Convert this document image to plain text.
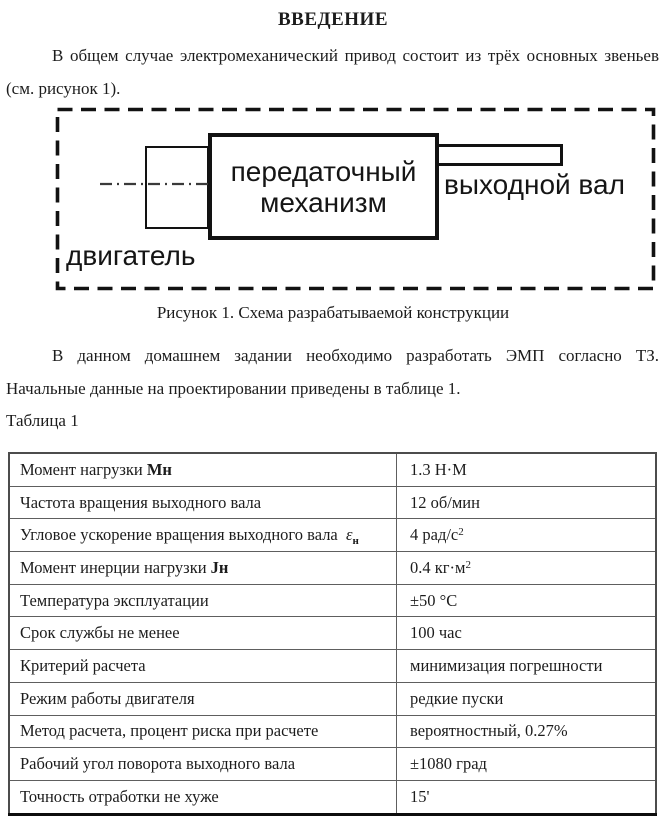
ВВЕДЕНИЕ

В общем случае электромеханический привод состоит из трёх основных звеньев (см. рисунок 1).

передаточный
механизм
двигатель
выходной вал
Рисунок 1. Схема разрабатываемой конструкции

В данном домашнем задании необходимо разработать ЭМП согласно ТЗ. Начальные данные на проектировании приведены в таблице 1.

Таблица 1
Момент нагрузки Мн	1.3 Н·М
Частота вращения выходного вала	12 об/мин
Угловое ускорение вращения выходного вала  $\varepsilon_н$	4 рад/$с^2$
Момент инерции нагрузки Jн	0.4 $кг\cdot м^2$
Температура эксплуатации	±50 °C
Срок службы не менее	100 час
Критерий расчета	минимизация погрешности
Режим работы двигателя	редкие пуски
Метод расчета, процент риска при расчете	вероятностный, 0.27%
Рабочий угол поворота выходного вала	±1080 град
Точность отработки не хуже	15'
